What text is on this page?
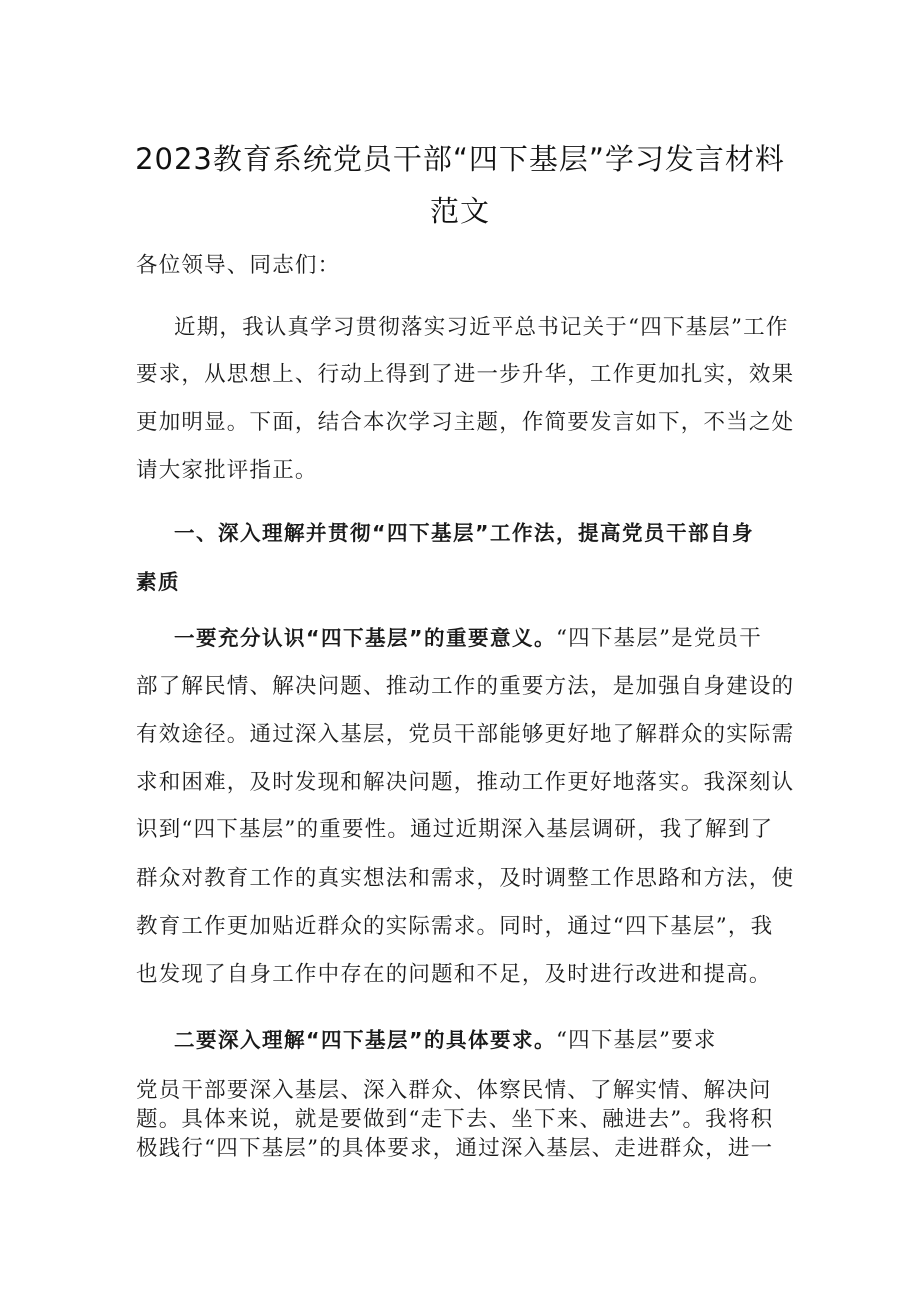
2023教育系统党员干部“四下基层”学习发言材料
范文
各位领导、同志们：
近期，我认真学习贯彻落实习近平总书记关于“四下基层”工作
要求，从思想上、行动上得到了进一步升华，工作更加扎实，效果
更加明显。下面，结合本次学习主题，作简要发言如下，不当之处
请大家批评指正。
一、深入理解并贯彻“四下基层”工作法，提高党员干部自身
素质
一要充分认识“四下基层”的重要意义。“四下基层”是党员干
部了解民情、解决问题、推动工作的重要方法，是加强自身建设的
有效途径。通过深入基层，党员干部能够更好地了解群众的实际需
求和困难，及时发现和解决问题，推动工作更好地落实。我深刻认
识到“四下基层”的重要性。通过近期深入基层调研，我了解到了
群众对教育工作的真实想法和需求，及时调整工作思路和方法，使
教育工作更加贴近群众的实际需求。同时，通过“四下基层”，我
也发现了自身工作中存在的问题和不足，及时进行改进和提高。
二要深入理解“四下基层”的具体要求。“四下基层”要求
党员干部要深入基层、深入群众、体察民情、了解实情、解决问
题。具体来说，就是要做到“走下去、坐下来、融进去”。我将积
极践行“四下基层”的具体要求，通过深入基层、走进群众，进一
